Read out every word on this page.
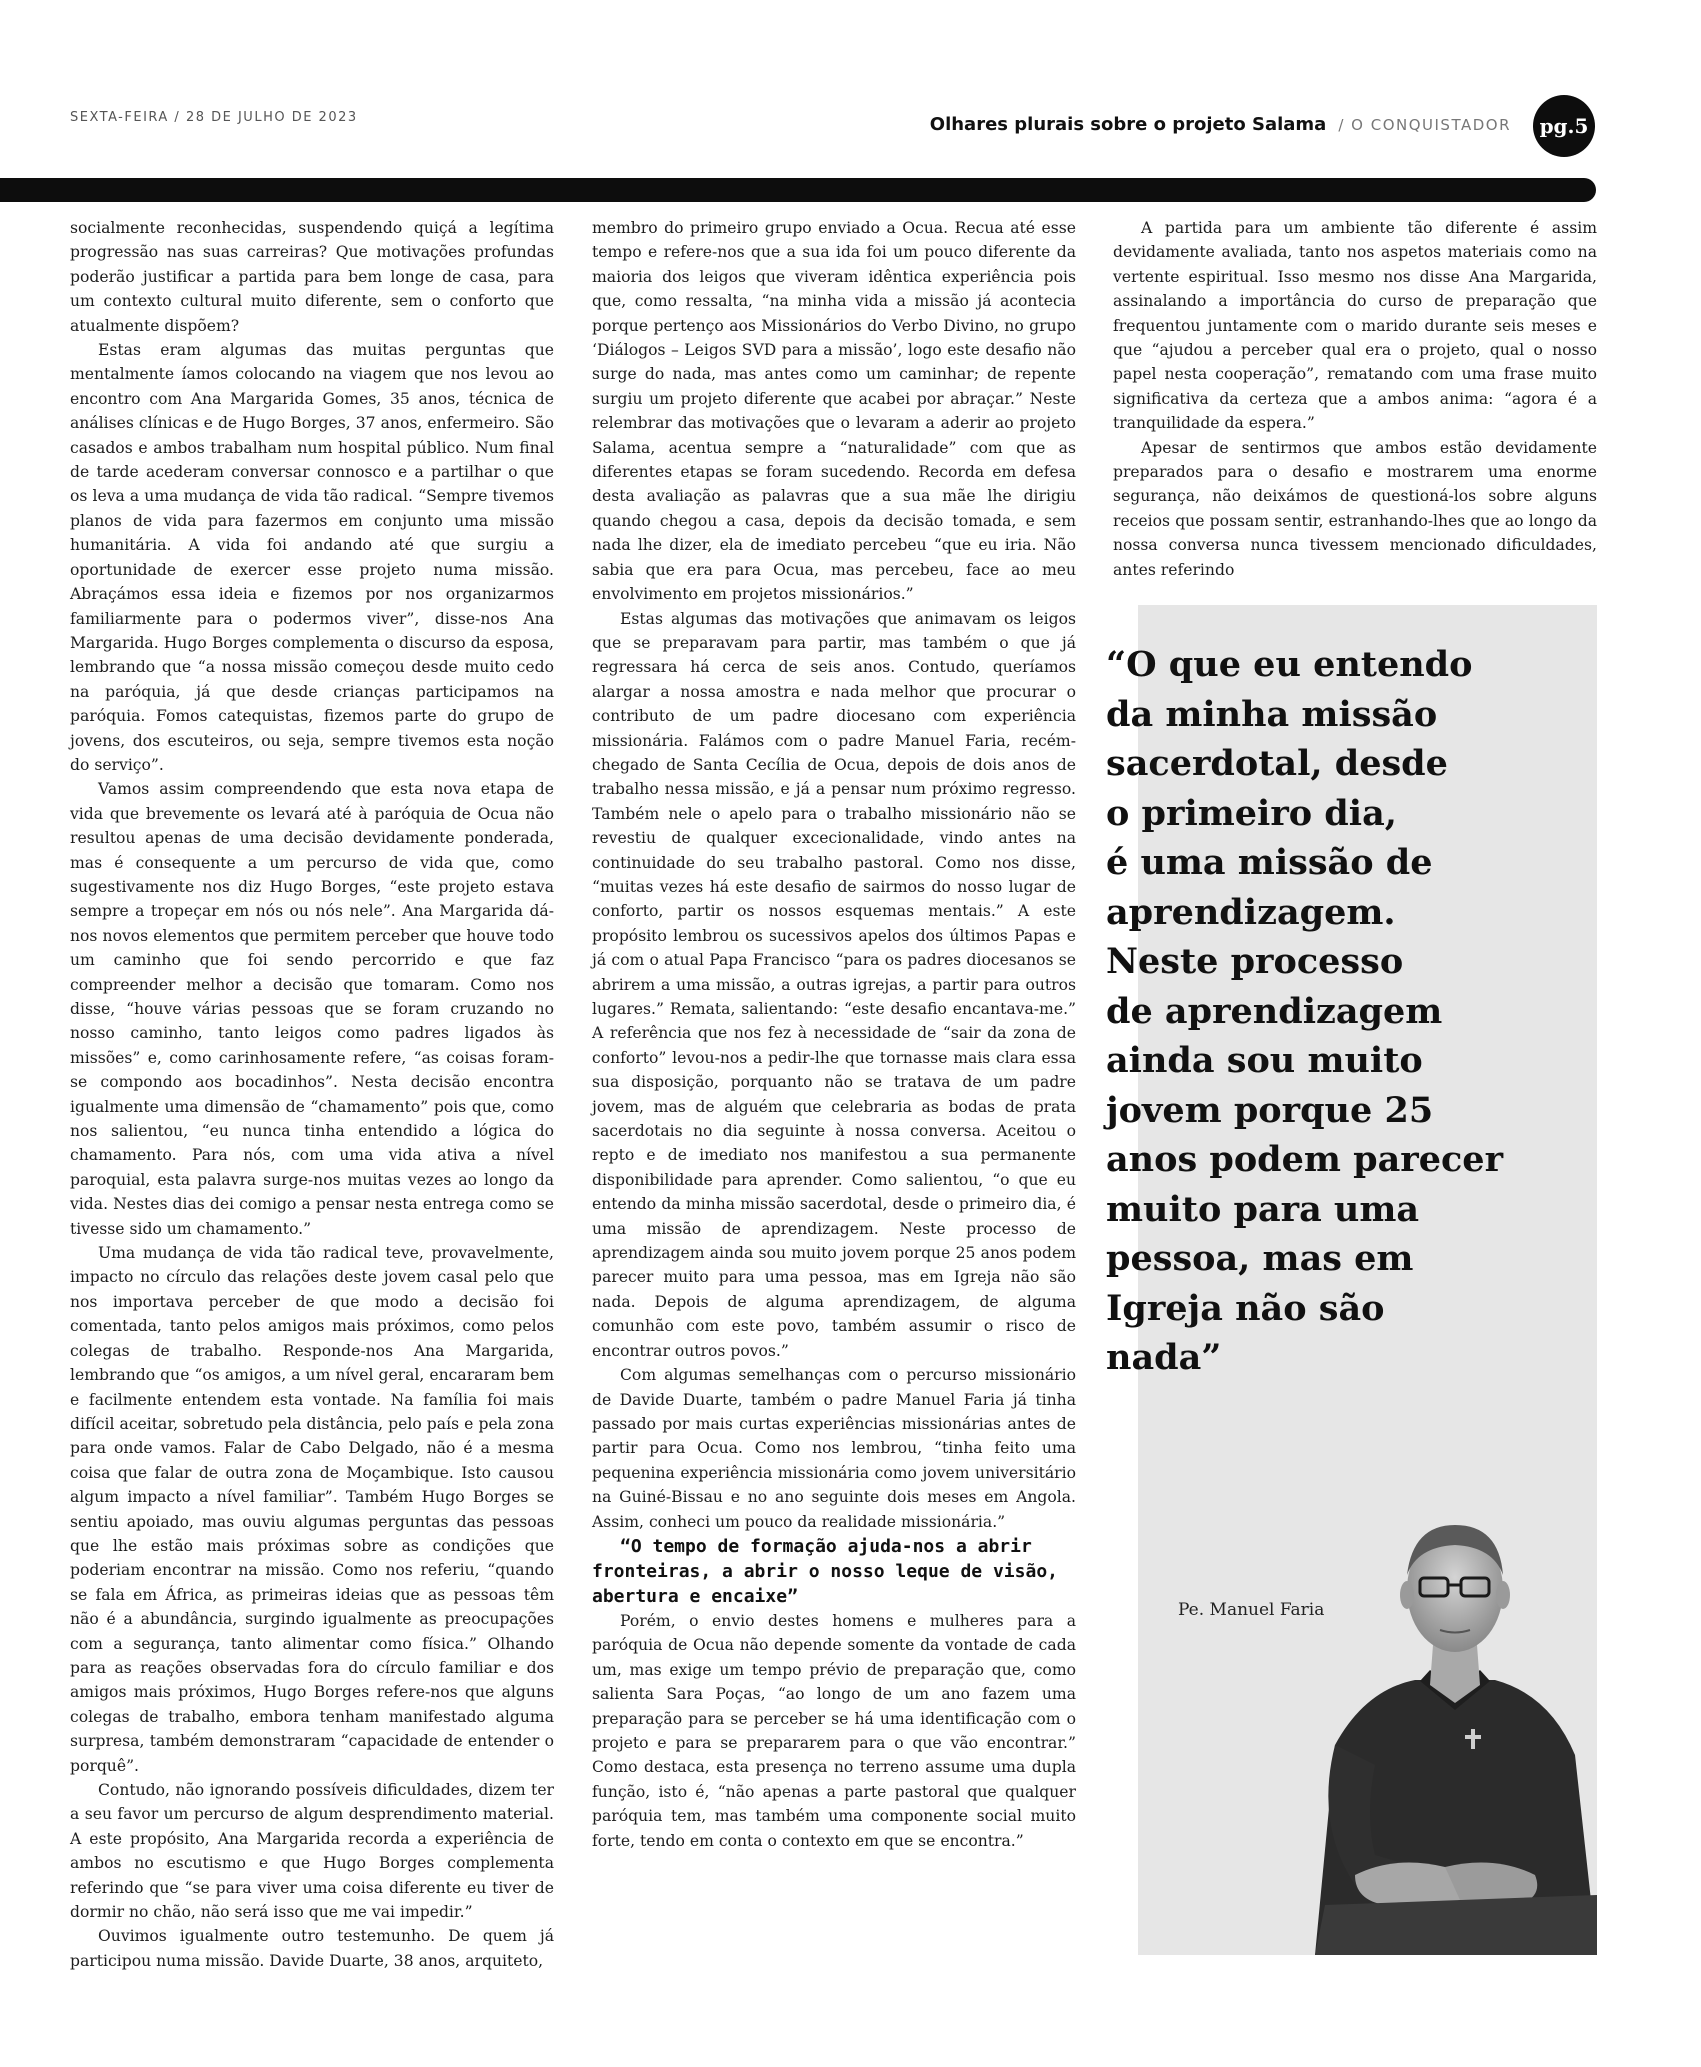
SEXTA-FEIRA / 28 DE JULHO DE 2023	Olhares plurais sobre o projeto Salama / O CONQUISTADOR	pg.5

socialmente reconhecidas, suspendendo quiçá a legítima progressão nas suas carreiras? Que motivações profundas poderão justificar a partida para bem longe de casa, para um contexto cultural muito diferente, sem o conforto que atualmente dispõem?

Estas eram algumas das muitas perguntas que mentalmente íamos colocando na viagem que nos levou ao encontro com Ana Margarida Gomes, 35 anos, técnica de análises clínicas e de Hugo Borges, 37 anos, enfermeiro. São casados e ambos trabalham num hospital público. Num final de tarde acederam conversar connosco e a partilhar o que os leva a uma mudança de vida tão radical. “Sempre tivemos planos de vida para fazermos em conjunto uma missão humanitária. A vida foi andando até que surgiu a oportunidade de exercer esse projeto numa missão. Abraçámos essa ideia e fizemos por nos organizarmos familiarmente para o podermos viver”, disse-nos Ana Margarida. Hugo Borges complementa o discurso da esposa, lembrando que “a nossa missão começou desde muito cedo na paróquia, já que desde crianças participamos na paróquia. Fomos catequistas, fizemos parte do grupo de jovens, dos escuteiros, ou seja, sempre tivemos esta noção do serviço”.

Vamos assim compreendendo que esta nova etapa de vida que brevemente os levará até à paróquia de Ocua não resultou apenas de uma decisão devidamente ponderada, mas é consequente a um percurso de vida que, como sugestivamente nos diz Hugo Borges, “este projeto estava sempre a tropeçar em nós ou nós nele”. Ana Margarida dá-nos novos elementos que permitem perceber que houve todo um caminho que foi sendo percorrido e que faz compreender melhor a decisão que tomaram. Como nos disse, “houve várias pessoas que se foram cruzando no nosso caminho, tanto leigos como padres ligados às missões” e, como carinhosamente refere, “as coisas foram-se compondo aos bocadinhos”. Nesta decisão encontra igualmente uma dimensão de “chamamento” pois que, como nos salientou, “eu nunca tinha entendido a lógica do chamamento. Para nós, com uma vida ativa a nível paroquial, esta palavra surge-nos muitas vezes ao longo da vida. Nestes dias dei comigo a pensar nesta entrega como se tivesse sido um chamamento.”

Uma mudança de vida tão radical teve, provavelmente, impacto no círculo das relações deste jovem casal pelo que nos importava perceber de que modo a decisão foi comentada, tanto pelos amigos mais próximos, como pelos colegas de trabalho. Responde-nos Ana Margarida, lembrando que “os amigos, a um nível geral, encararam bem e facilmente entendem esta vontade. Na família foi mais difícil aceitar, sobretudo pela distância, pelo país e pela zona para onde vamos. Falar de Cabo Delgado, não é a mesma coisa que falar de outra zona de Moçambique. Isto causou algum impacto a nível familiar”. Também Hugo Borges se sentiu apoiado, mas ouviu algumas perguntas das pessoas que lhe estão mais próximas sobre as condições que poderiam encontrar na missão. Como nos referiu, “quando se fala em África, as primeiras ideias que as pessoas têm não é a abundância, surgindo igualmente as preocupações com a segurança, tanto alimentar como física.” Olhando para as reações observadas fora do círculo familiar e dos amigos mais próximos, Hugo Borges refere-nos que alguns colegas de trabalho, embora tenham manifestado alguma surpresa, também demonstraram “capacidade de entender o porquê”.

Contudo, não ignorando possíveis dificuldades, dizem ter a seu favor um percurso de algum desprendimento material. A este propósito, Ana Margarida recorda a experiência de ambos no escutismo e que Hugo Borges complementa referindo que “se para viver uma coisa diferente eu tiver de dormir no chão, não será isso que me vai impedir.”

Ouvimos igualmente outro testemunho. De quem já participou numa missão. Davide Duarte, 38 anos, arquiteto,

membro do primeiro grupo enviado a Ocua. Recua até esse tempo e refere-nos que a sua ida foi um pouco diferente da maioria dos leigos que viveram idêntica experiência pois que, como ressalta, “na minha vida a missão já acontecia porque pertenço aos Missionários do Verbo Divino, no grupo ‘Diálogos – Leigos SVD para a missão’, logo este desafio não surge do nada, mas antes como um caminhar; de repente surgiu um projeto diferente que acabei por abraçar.” Neste relembrar das motivações que o levaram a aderir ao projeto Salama, acentua sempre a “naturalidade” com que as diferentes etapas se foram sucedendo. Recorda em defesa desta avaliação as palavras que a sua mãe lhe dirigiu quando chegou a casa, depois da decisão tomada, e sem nada lhe dizer, ela de imediato percebeu “que eu iria. Não sabia que era para Ocua, mas percebeu, face ao meu envolvimento em projetos missionários.”

Estas algumas das motivações que animavam os leigos que se preparavam para partir, mas também o que já regressara há cerca de seis anos. Contudo, queríamos alargar a nossa amostra e nada melhor que procurar o contributo de um padre diocesano com experiência missionária. Falámos com o padre Manuel Faria, recém-chegado de Santa Cecília de Ocua, depois de dois anos de trabalho nessa missão, e já a pensar num próximo regresso. Também nele o apelo para o trabalho missionário não se revestiu de qualquer excecionalidade, vindo antes na continuidade do seu trabalho pastoral. Como nos disse, “muitas vezes há este desafio de sairmos do nosso lugar de conforto, partir os nossos esquemas mentais.” A este propósito lembrou os sucessivos apelos dos últimos Papas e já com o atual Papa Francisco “para os padres diocesanos se abrirem a uma missão, a outras igrejas, a partir para outros lugares.” Remata, salientando: “este desafio encantava-me.” A referência que nos fez à necessidade de “sair da zona de conforto” levou-nos a pedir-lhe que tornasse mais clara essa sua disposição, porquanto não se tratava de um padre jovem, mas de alguém que celebraria as bodas de prata sacerdotais no dia seguinte à nossa conversa. Aceitou o repto e de imediato nos manifestou a sua permanente disponibilidade para aprender. Como salientou, “o que eu entendo da minha missão sacerdotal, desde o primeiro dia, é uma missão de aprendizagem. Neste processo de aprendizagem ainda sou muito jovem porque 25 anos podem parecer muito para uma pessoa, mas em Igreja não são nada. Depois de alguma aprendizagem, de alguma comunhão com este povo, também assumir o risco de encontrar outros povos.”

Com algumas semelhanças com o percurso missionário de Davide Duarte, também o padre Manuel Faria já tinha passado por mais curtas experiências missionárias antes de partir para Ocua. Como nos lembrou, “tinha feito uma pequenina experiência missionária como jovem universitário na Guiné-Bissau e no ano seguinte dois meses em Angola. Assim, conheci um pouco da realidade missionária.”

“O tempo de formação ajuda-nos a abrir fronteiras, a abrir o nosso leque de visão, abertura e encaixe”

Porém, o envio destes homens e mulheres para a paróquia de Ocua não depende somente da vontade de cada um, mas exige um tempo prévio de preparação que, como salienta Sara Poças, “ao longo de um ano fazem uma preparação para se perceber se há uma identificação com o projeto e para se prepararem para o que vão encontrar.” Como destaca, esta presença no terreno assume uma dupla função, isto é, “não apenas a parte pastoral que qualquer paróquia tem, mas também uma componente social muito forte, tendo em conta o contexto em que se encontra.”

A partida para um ambiente tão diferente é assim devidamente avaliada, tanto nos aspetos materiais como na vertente espiritual. Isso mesmo nos disse Ana Margarida, assinalando a importância do curso de preparação que frequentou juntamente com o marido durante seis meses e que “ajudou a perceber qual era o projeto, qual o nosso papel nesta cooperação”, rematando com uma frase muito significativa da certeza que a ambos anima: “agora é a tranquilidade da espera.”

Apesar de sentirmos que ambos estão devidamente preparados para o desafio e mostrarem uma enorme segurança, não deixámos de questioná-los sobre alguns receios que possam sentir, estranhando-lhes que ao longo da nossa conversa nunca tivessem mencionado dificuldades, antes referindo

“O que eu entendo
da minha missão
sacerdotal, desde
o primeiro dia,
é uma missão de
aprendizagem.
Neste processo
de aprendizagem
ainda sou muito
jovem porque 25
anos podem parecer
muito para uma
pessoa, mas em
Igreja não são
nada”

Pe. Manuel Faria
